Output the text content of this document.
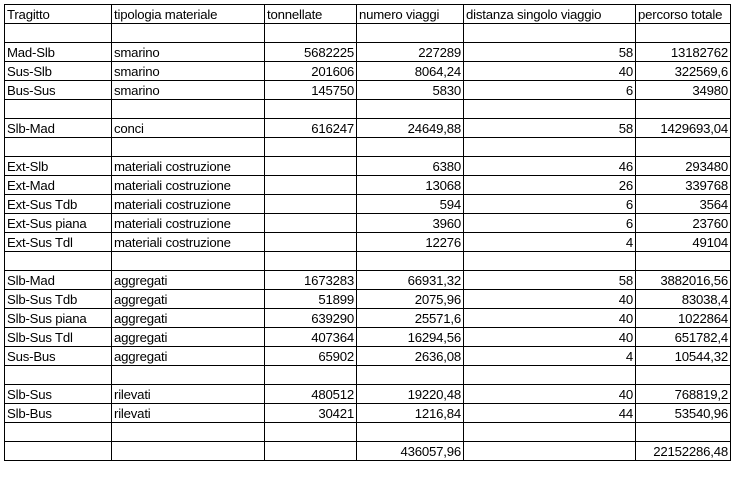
Tragitto	tipologia materiale	tonnellate	numero viaggi	distanza singolo viaggio	percorso totale

Mad-Slb	smarino	5682225	227289	58	13182762
Sus-Slb	smarino	201606	8064,24	40	322569,6
Bus-Sus	smarino	145750	5830	6	34980

Slb-Mad	conci	616247	24649,88	58	1429693,04

Ext-Slb	materiali costruzione		6380	46	293480
Ext-Mad	materiali costruzione		13068	26	339768
Ext-Sus Tdb	materiali costruzione		594	6	3564
Ext-Sus piana	materiali costruzione		3960	6	23760
Ext-Sus Tdl	materiali costruzione		12276	4	49104

Slb-Mad	aggregati	1673283	66931,32	58	3882016,56
Slb-Sus Tdb	aggregati	51899	2075,96	40	83038,4
Slb-Sus piana	aggregati	639290	25571,6	40	1022864
Slb-Sus Tdl	aggregati	407364	16294,56	40	651782,4
Sus-Bus	aggregati	65902	2636,08	4	10544,32

Slb-Sus	rilevati	480512	19220,48	40	768819,2
Slb-Bus	rilevati	30421	1216,84	44	53540,96

			436057,96		22152286,48
